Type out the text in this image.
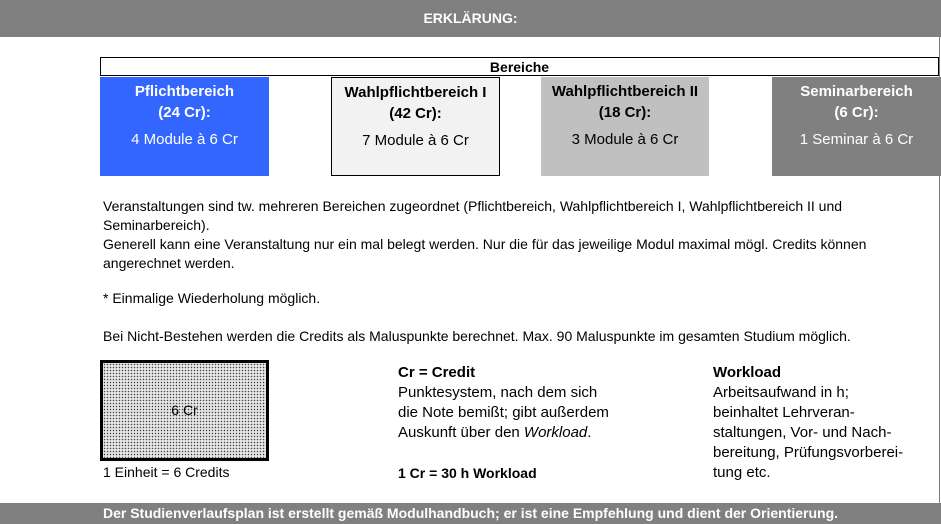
ERKLÄRUNG:
Bereiche
Pflichtbereich
(24 Cr):
4 Module à 6 Cr
Wahlpflichtbereich I
(42 Cr):
7 Module à 6 Cr
Wahlpflichtbereich II
(18 Cr):
3 Module à 6 Cr
Seminarbereich
(6 Cr):
1 Seminar à 6 Cr
Veranstaltungen sind tw. mehreren Bereichen zugeordnet (Pflichtbereich, Wahlpflichtbereich I, Wahlpflichtbereich II und
Seminarbereich).
Generell kann eine Veranstaltung nur ein mal belegt werden. Nur die für das jeweilige Modul maximal mögl. Credits können
angerechnet werden.
* Einmalige Wiederholung möglich.
Bei Nicht-Bestehen werden die Credits als Maluspunkte berechnet. Max. 90 Maluspunkte im gesamten Studium möglich.
6 Cr
1 Einheit = 6 Credits
Cr = Credit
Punktesystem, nach dem sich
die Note bemißt; gibt außerdem
Auskunft über den Workload.
1 Cr = 30 h Workload
Workload
Arbeitsaufwand in h;
beinhaltet Lehrveran-
staltungen, Vor- und Nach-
bereitung, Prüfungsvorberei-
tung etc.
Der Studienverlaufsplan ist erstellt gemäß Modulhandbuch; er ist eine Empfehlung und dient der Orientierung.
